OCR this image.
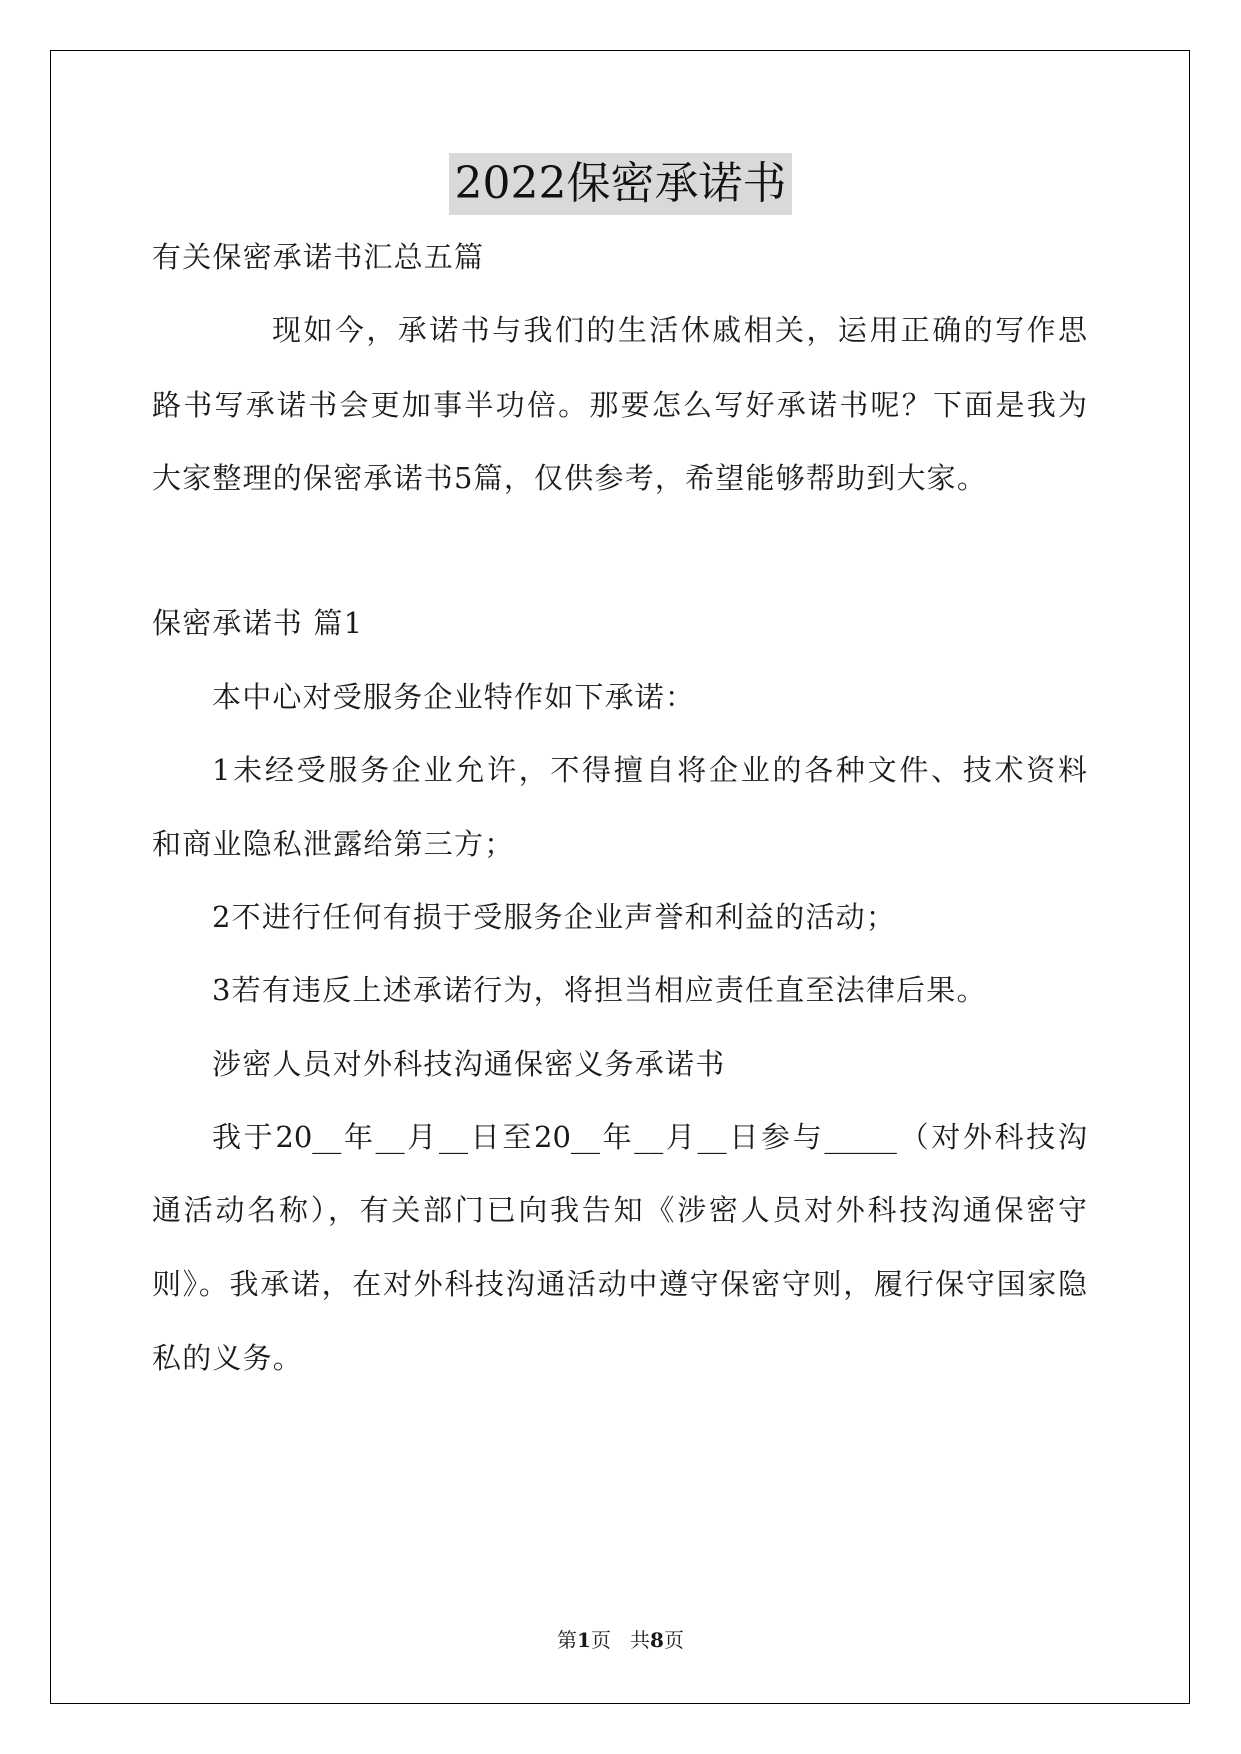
2022保密承诺书
有关保密承诺书汇总五篇
现如今，承诺书与我们的生活休戚相关，运用正确的写作思
路书写承诺书会更加事半功倍。那要怎么写好承诺书呢？下面是我为
大家整理的保密承诺书5篇，仅供参考，希望能够帮助到大家。
保密承诺书 篇1
本中心对受服务企业特作如下承诺：
1未经受服务企业允许，不得擅自将企业的各种文件、技术资料
和商业隐私泄露给第三方；
2不进行任何有损于受服务企业声誉和利益的活动；
3若有违反上述承诺行为，将担当相应责任直至法律后果。
涉密人员对外科技沟通保密义务承诺书
我于20__年__月__日至20__年__月__日参与_____（对外科技沟
通活动名称），有关部门已向我告知《涉密人员对外科技沟通保密守
则》。我承诺，在对外科技沟通活动中遵守保密守则，履行保守国家隐
私的义务。
第1页   共8页
